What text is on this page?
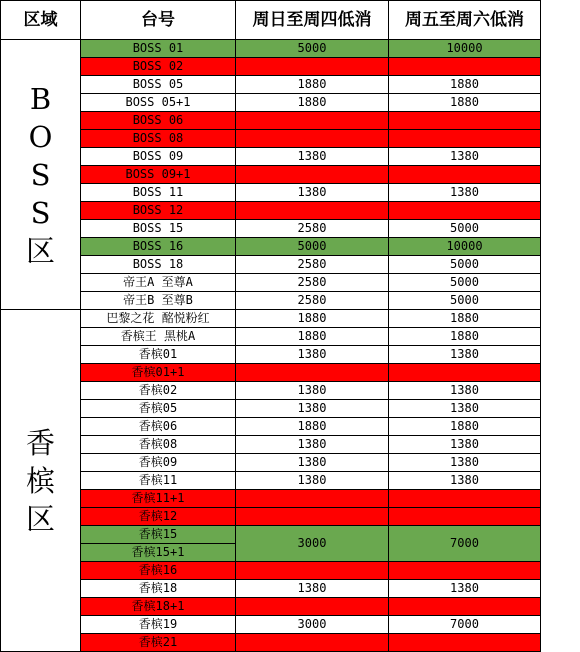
区域	台号	周日至周四低消	周五至周六低消

B
O
S
S
区	BOSS 01	5000	10000
	BOSS 02		
	BOSS 05	1880	1880
	BOSS 05+1	1880	1880
	BOSS 06		
	BOSS 08		
	BOSS 09	1380	1380
	BOSS 09+1		
	BOSS 11	1380	1380
	BOSS 12		
	BOSS 15	2580	5000
	BOSS 16	5000	10000
	BOSS 18	2580	5000
	帝王A 至尊A	2580	5000
	帝王B 至尊B	2580	5000

香
槟
区	巴黎之花 酩悦粉红	1880	1880
	香槟王 黑桃A	1880	1880
	香槟01	1380	1380
	香槟01+1		
	香槟02	1380	1380
	香槟05	1380	1380
	香槟06	1880	1880
	香槟08	1380	1380
	香槟09	1380	1380
	香槟11	1380	1380
	香槟11+1		
	香槟12		
	香槟15	3000	7000
	香槟15+1		
	香槟16		
	香槟18	1380	1380
	香槟18+1		
	香槟19	3000	7000
	香槟21		
